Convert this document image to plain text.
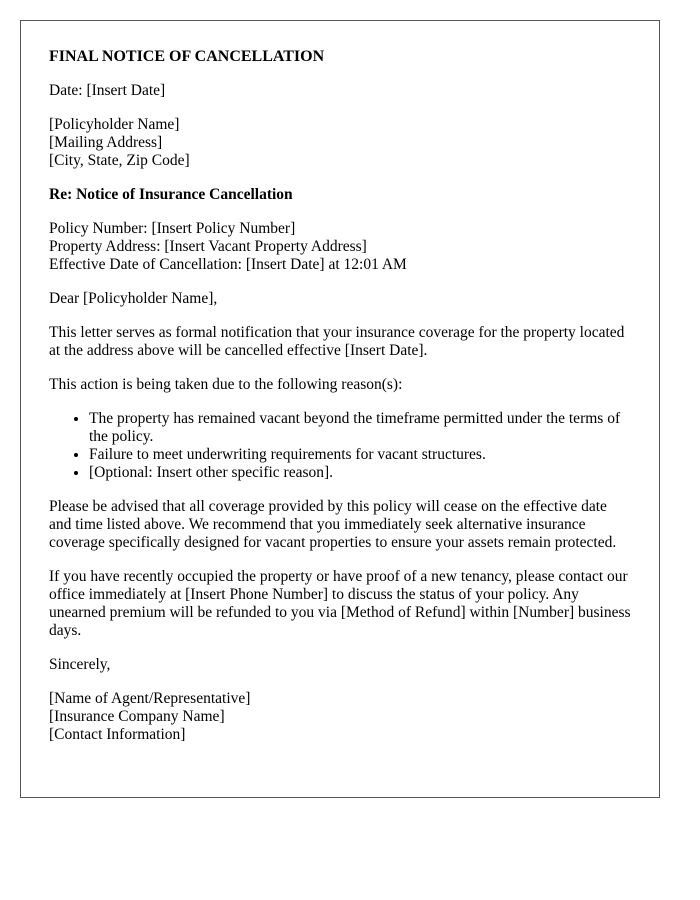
FINAL NOTICE OF CANCELLATION

Date: [Insert Date]

[Policyholder Name]
[Mailing Address]
[City, State, Zip Code]

Re: Notice of Insurance Cancellation

Policy Number: [Insert Policy Number]
Property Address: [Insert Vacant Property Address]
Effective Date of Cancellation: [Insert Date] at 12:01 AM

Dear [Policyholder Name],

This letter serves as formal notification that your insurance coverage for the property located at the address above will be cancelled effective [Insert Date].

This action is being taken due to the following reason(s):

• The property has remained vacant beyond the timeframe permitted under the terms of the policy.
• Failure to meet underwriting requirements for vacant structures.
• [Optional: Insert other specific reason].

Please be advised that all coverage provided by this policy will cease on the effective date and time listed above. We recommend that you immediately seek alternative insurance coverage specifically designed for vacant properties to ensure your assets remain protected.

If you have recently occupied the property or have proof of a new tenancy, please contact our office immediately at [Insert Phone Number] to discuss the status of your policy. Any unearned premium will be refunded to you via [Method of Refund] within [Number] business days.

Sincerely,

[Name of Agent/Representative]
[Insurance Company Name]
[Contact Information]
